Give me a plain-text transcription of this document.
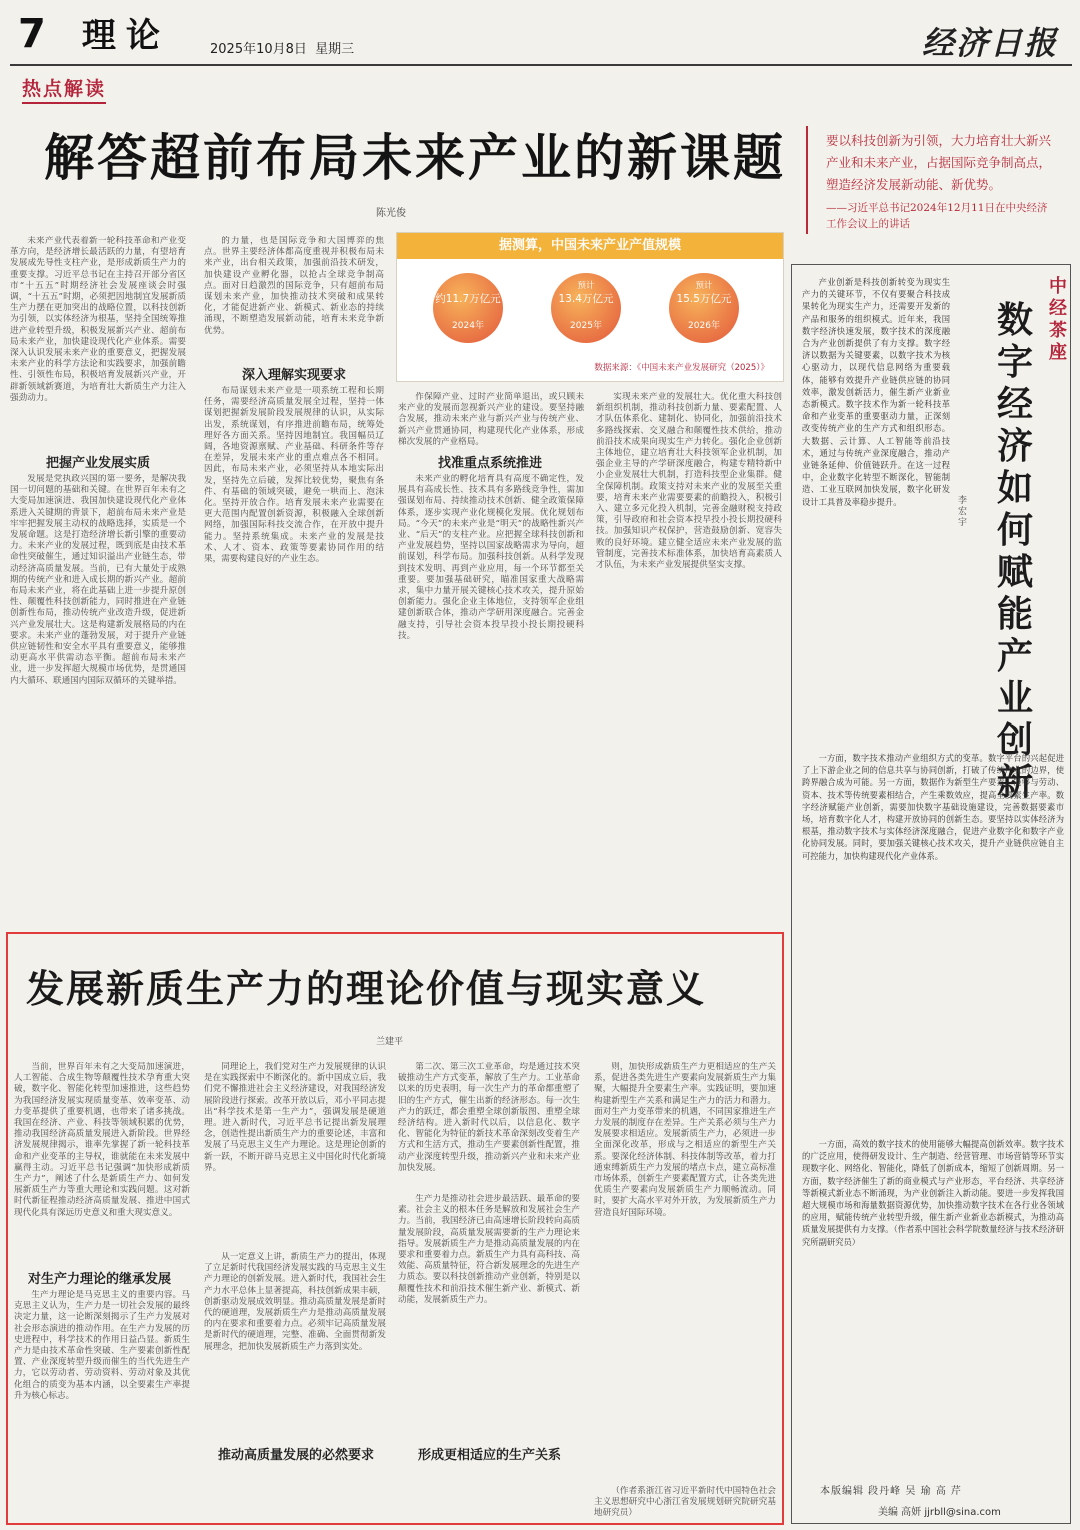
7 理论	2025年10月8日 星期三	经济日报
热点解读
解答超前布局未来产业的新课题	要以科技创新为引领，大力培育壮大新兴产业和未来产业，占据国际竞争制高点，塑造经济发展新动能、新优势。
——习近平总书记2024年12月11日在中央经济工作会议上的讲话
陈光俊

未来产业代表着新一轮科技革命和产业变革方向，是经济增长最活跃的力量，有望培育发展成先导性支柱产业，是形成新质生产力的重要支撑。习近平总书记在主持召开部分省区市“十五五”时期经济社会发展座谈会时强调，“十五五”时期，必须把因地制宜发展新质生产力摆在更加突出的战略位置，以科技创新为引领，以实体经济为根基，坚持全国统筹推进产业转型升级，积极发展新兴产业、超前布局未来产业，加快建设现代化产业体系。需要深入认识发展未来产业的重要意义，把握发展未来产业的科学方法论和实践要求，加强前瞻性、引领性布局，积极培育发展新兴产业，开辟新领域新赛道，为培育壮大新质生产力注入强劲动力。

把握产业发展实质

发展是党执政兴国的第一要务，是解决我国一切问题的基础和关键。在世界百年未有之大变局加速演进、我国加快建设现代化产业体系进入关键期的背景下，超前布局未来产业是牢牢把握发展主动权的战略选择，实质是一个发展命题。这是打造经济增长新引擎的重要动力。未来产业的发展过程，既到底是由技术革命性突破催生，通过知识溢出产业链生态，带动经济高质量发展。当前，已有大量处于成熟期的传统产业和进入成长期的新兴产业。超前布局未来产业，将在此基础上进一步提升原创性、颠覆性科技创新能力，同时推进在产业链创新性布局，推动传统产业改造升级，促进新兴产业发展壮大。这是构建新发展格局的内在要求。未来产业的蓬勃发展，对于提升产业链供应链韧性和安全水平具有重要意义，能够推动更高水平供需动态平衡。超前布局未来产业，进一步发挥超大规模市场优势，是贯通国内大循环、联通国内国际双循环的关键举措。

的力量，也是国际竞争和大国博弈的焦点。世界主要经济体都高度重视并积极布局未来产业，出台相关政策，加强前沿技术研发，加快建设产业孵化器，以抢占全球竞争制高点。面对日趋激烈的国际竞争，只有超前布局谋划未来产业，加快推动技术突破和成果转化，才能促进新产业、新模式、新业态的持续涌现，不断塑造发展新动能，培育未来竞争新优势。

深入理解实现要求

布局谋划未来产业是一项系统工程和长期任务，需要经济高质量发展全过程，坚持一体谋划把握新发展阶段发展规律的认识，从实际出发，系统谋划，有序推进前瞻布局，统筹处理好各方面关系。坚持因地制宜。我国幅员辽阔，各地资源禀赋、产业基础、科研条件等存在差异，发展未来产业的重点难点各不相同。因此，布局未来产业，必须坚持从本地实际出发，坚持先立后破，发挥比较优势，聚焦有条件、有基础的领域突破，避免一哄而上、泡沫化。坚持开放合作。培育发展未来产业需要在更大范围内配置创新资源，积极融入全球创新网络，加强国际科技交流合作，在开放中提升能力。坚持系统集成。未来产业的发展是技术、人才、资本、政策等要素协同作用的结果，需要构建良好的产业生态。

据测算，中国未来产业产值规模
约11.7万亿元
2024年
预计
13.4万亿元
2025年
预计
15.5万亿元
2026年
数据来源：《中国未来产业发展研究（2025）》

作保障产业、过时产业简单退出，或只顾未来产业的发展而忽视新兴产业的建设。要坚持融合发展，推动未来产业与新兴产业与传统产业、新兴产业贯通协同，构建现代化产业体系，形成梯次发展的产业格局。

找准重点系统推进

未来产业的孵化培育具有高度不确定性，发展具有高成长性、技术具有多路线竞争性，需加强谋划布局、持续推动技术创新、健全政策保障体系，逐步实现产业化规模化发展。优化规划布局。“今天”的未来产业是“明天”的战略性新兴产业、“后天”的支柱产业。应把握全球科技创新和产业发展趋势，坚持以国家战略需求为导向，超前谋划，科学布局。加强科技创新。从科学发现到技术发明、再到产业应用，每一个环节都至关重要。要加强基础研究，瞄准国家重大战略需求，集中力量开展关键核心技术攻关，提升原始创新能力。强化企业主体地位，支持领军企业组建创新联合体，推动产学研用深度融合。完善金融支持，引导社会资本投早投小投长期投硬科技。

实现未来产业的发展壮大。优化重大科技创新组织机制，推动科技创新力量、要素配置、人才队伍体系化、建制化、协同化，加强前沿技术多路线探索、交叉融合和颠覆性技术供给，推动前沿技术成果向现实生产力转化。强化企业创新主体地位，建立培育壮大科技领军企业机制，加强企业主导的产学研深度融合，构建专精特新中小企业发展壮大机制，打造科技型企业集群。健全保障机制。政策支持对未来产业的发展至关重要，培育未来产业需要要素的前瞻投入，积极引入、建立多元化投入机制，完善金融财税支持政策，引导政府和社会资本投早投小投长期投硬科技。加强知识产权保护，营造鼓励创新、宽容失败的良好环境。建立健全适应未来产业发展的监管制度，完善技术标准体系，加快培育高素质人才队伍，为未来产业发展提供坚实支撑。

发展新质生产力的理论价值与现实意义
兰建平

当前，世界百年未有之大变局加速演进，人工智能、合成生物等颠覆性技术孕育重大突破，数字化、智能化转型加速推进，这些趋势为我国经济发展实现质量变革、效率变革、动力变革提供了重要机遇，也带来了诸多挑战。我国在经济、产业、科技等领域积累的优势，推动我国经济高质量发展进入新阶段。世界经济发展规律揭示，谁率先掌握了新一轮科技革命和产业变革的主导权，谁就能在未来发展中赢得主动。习近平总书记强调“加快形成新质生产力”，阐述了什么是新质生产力、如何发展新质生产力等重大理论和实践问题。这对新时代新征程推动经济高质量发展、推进中国式现代化具有深远历史意义和重大现实意义。

对生产力理论的继承发展

生产力理论是马克思主义的重要内容。马克思主义认为，生产力是一切社会发展的最终决定力量，这一论断深刻揭示了生产力发展对社会形态演进的推动作用。在生产力发展的历史进程中，科学技术的作用日益凸显。新质生产力是由技术革命性突破、生产要素创新性配置、产业深度转型升级而催生的当代先进生产力，它以劳动者、劳动资料、劳动对象及其优化组合的质变为基本内涵，以全要素生产率提升为核心标志。

同理论上，我们党对生产力发展规律的认识是在实践探索中不断深化的。新中国成立后，我们党不懈推进社会主义经济建设，对我国经济发展阶段进行探索。改革开放以后，邓小平同志提出“科学技术是第一生产力”，强调发展是硬道理。进入新时代，习近平总书记提出新发展理念，创造性提出新质生产力的重要论述，丰富和发展了马克思主义生产力理论。这是理论创新的新一跃，不断开辟马克思主义中国化时代化新境界。

从一定意义上讲，新质生产力的提出，体现了立足新时代我国经济发展实践的马克思主义生产力理论的创新发展。进入新时代，我国社会生产力水平总体上显著提高，科技创新成果丰硕，创新驱动发展成效明显。推动高质量发展是新时代的硬道理，发展新质生产力是推动高质量发展的内在要求和重要着力点。必须牢记高质量发展是新时代的硬道理，完整、准确、全面贯彻新发展理念，把加快发展新质生产力落到实处。

推动高质量发展的必然要求

第二次、第三次工业革命，均是通过技术突破推动生产方式变革，解放了生产力。工业革命以来的历史表明，每一次生产力的革命都重塑了旧的生产方式，催生出新的经济形态。每一次生产力的跃迁，都会重塑全球创新版图、重塑全球经济结构。进入新时代以后，以信息化、数字化、智能化为特征的新技术革命深刻改变着生产方式和生活方式，推动生产要素创新性配置，推动产业深度转型升级，推动新兴产业和未来产业加快发展。

生产力是推动社会进步最活跃、最革命的要素。社会主义的根本任务是解放和发展社会生产力。当前，我国经济已由高速增长阶段转向高质量发展阶段，高质量发展需要新的生产力理论来指导。发展新质生产力是推动高质量发展的内在要求和重要着力点。新质生产力具有高科技、高效能、高质量特征，符合新发展理念的先进生产力质态。要以科技创新推动产业创新，特别是以颠覆性技术和前沿技术催生新产业、新模式、新动能，发展新质生产力。

形成更相适应的生产关系

则，加快形成新质生产力更相适应的生产关系，促进各类先进生产要素向发展新质生产力集聚，大幅提升全要素生产率。实践证明，要加速构建新型生产关系和满足生产力的活力和潜力。面对生产力变革带来的机遇，不同国家推进生产力发展的制度存在差异。生产关系必须与生产力发展要求相适应。发展新质生产力，必须进一步全面深化改革，形成与之相适应的新型生产关系。要深化经济体制、科技体制等改革，着力打通束缚新质生产力发展的堵点卡点，建立高标准市场体系，创新生产要素配置方式，让各类先进优质生产要素向发展新质生产力顺畅流动。同时，要扩大高水平对外开放，为发展新质生产力营造良好国际环境。

（作者系浙江省习近平新时代中国特色社会主义思想研究中心浙江省发展规划研究院研究基地研究员）

中经茶座
数字经济如何赋能产业创新
李宏宇

产业创新是科技创新转变为现实生产力的关键环节，不仅有要聚合科技成果转化为现实生产力，还需要开发新的产品和服务的组织模式。近年来，我国数字经济快速发展，数字技术的深度融合为产业创新提供了有力支撑。数字经济以数据为关键要素，以数字技术为核心驱动力，以现代信息网络为重要载体，能够有效提升产业链供应链的协同效率，激发创新活力，催生新产业新业态新模式。数字技术作为新一轮科技革命和产业变革的重要驱动力量，正深刻改变传统产业的生产方式和组织形态。大数据、云计算、人工智能等前沿技术，通过与传统产业深度融合，推动产业链条延伸、价值链跃升。在这一过程中，企业数字化转型不断深化，智能制造、工业互联网加快发展，数字化研发设计工具普及率稳步提升。

一方面，数字技术推动产业组织方式的变革。数字平台的兴起促进了上下游企业之间的信息共享与协同创新，打破了传统产业的边界，使跨界融合成为可能。另一方面，数据作为新型生产要素，能够与劳动、资本、技术等传统要素相结合，产生乘数效应，提高全要素生产率。数字经济赋能产业创新，需要加快数字基础设施建设，完善数据要素市场，培育数字化人才，构建开放协同的创新生态。要坚持以实体经济为根基，推动数字技术与实体经济深度融合，促进产业数字化和数字产业化协同发展。同时，要加强关键核心技术攻关，提升产业链供应链自主可控能力，加快构建现代化产业体系。

一方面，高效的数字技术的使用能够大幅提高创新效率。数字技术的广泛应用，使得研发设计、生产制造、经营管理、市场营销等环节实现数字化、网络化、智能化，降低了创新成本，缩短了创新周期。另一方面，数字经济催生了新的商业模式与产业形态，平台经济、共享经济等新模式新业态不断涌现，为产业创新注入新动能。要进一步发挥我国超大规模市场和海量数据资源优势，加快推动数字技术在各行业各领域的应用，赋能传统产业转型升级，催生新产业新业态新模式，为推动高质量发展提供有力支撑。（作者系中国社会科学院数量经济与技术经济研究所副研究员）

本版编辑 段丹峰 吴 瑜 高 芹
美编 高妍 jjrbll@sina.com
